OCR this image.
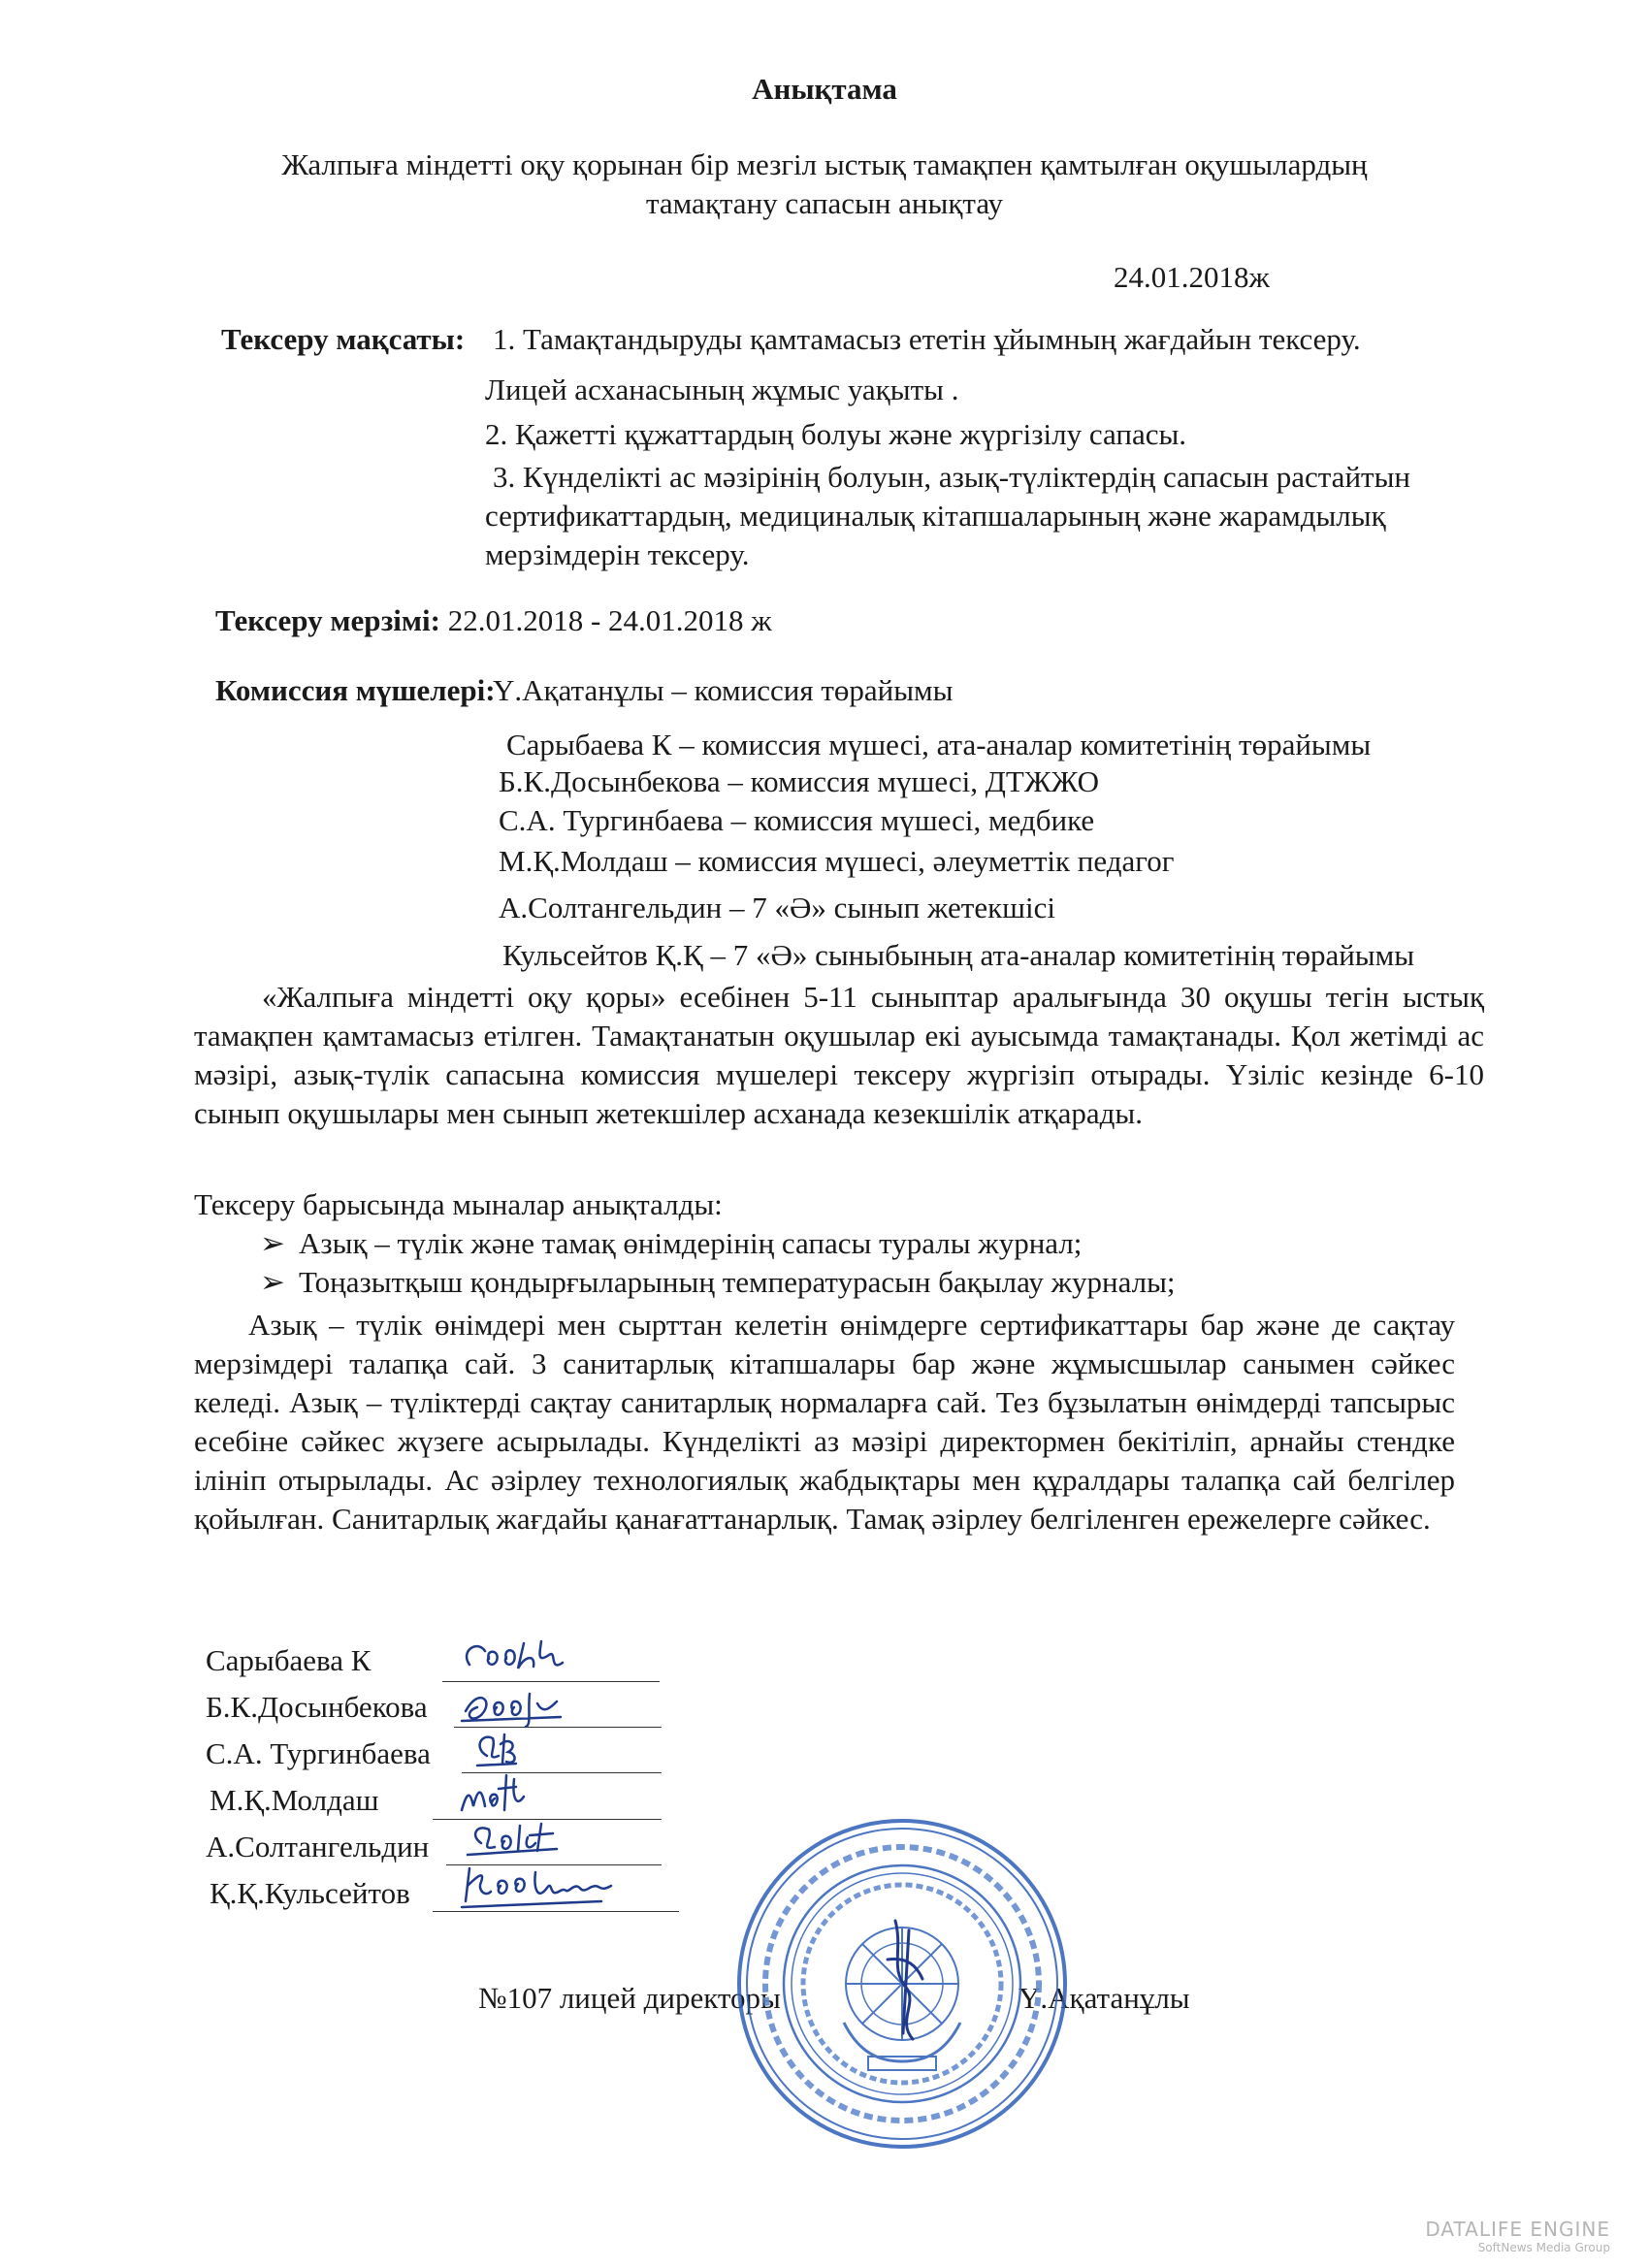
Анықтама
Жалпыға міндетті оқу қорынан бір мезгіл ыстық тамақпен қамтылған оқушылардың
тамақтану сапасын анықтау
24.01.2018ж
Тексеру мақсаты: 1. Тамақтандыруды қамтамасыз ететін ұйымның жағдайын тексеру.
Лицей асханасының жұмыс уақыты .
2. Қажетті құжаттардың болуы және жүргізілу сапасы.
3. Күнделікті ас мәзірінің болуын, азық-түліктердің сапасын растайтын
сертификаттардың, медициналық кітапшаларының және жарамдылық
мерзімдерін тексеру.
Тексеру мерзімі: 22.01.2018 - 24.01.2018 ж
Комиссия мүшелері:
Ү.Ақатанұлы – комиссия төрайымы
Сарыбаева К – комиссия мүшесі, ата-аналар комитетінің төрайымы
Б.К.Досынбекова – комиссия мүшесі, ДТЖЖО
С.А. Тургинбаева – комиссия мүшесі, медбике
М.Қ.Молдаш – комиссия мүшесі, әлеуметтік педагог
А.Солтангельдин – 7 «Ә» сынып жетекшісі
Кульсейтов Қ.Қ – 7 «Ә» сыныбының ата-аналар комитетінің төрайымы
«Жалпыға міндетті оқу қоры» есебінен 5-11 сыныптар аралығында 30 оқушы тегін ыстық тамақпен қамтамасыз етілген. Тамақтанатын оқушылар екі ауысымда тамақтанады. Қол жетімді ас мәзірі, азық-түлік сапасына комиссия мүшелері тексеру жүргізіп отырады. Үзіліс кезінде 6-10 сынып оқушылары мен сынып жетекшілер асханада кезекшілік атқарады.
Тексеру барысында мыналар анықталды:
➢ Азық – түлік және тамақ өнімдерінің сапасы туралы журнал;
➢ Тоңазытқыш қондырғыларының температурасын бақылау журналы;
Азық – түлік өнімдері мен сырттан келетін өнімдерге сертификаттары бар және де сақтау мерзімдері талапқа сай. 3 санитарлық кітапшалары бар және жұмысшылар санымен сәйкес келеді. Азық – түліктерді сақтау санитарлық нормаларға сай. Тез бұзылатын өнімдерді тапсырыс есебіне сәйкес жүзеге асырылады. Күнделікті аз мәзірі директормен бекітіліп, арнайы стендке ілініп отырылады. Ас әзірлеу технологиялық жабдықтары мен құралдары талапқа сай белгілер қойылған. Санитарлық жағдайы қанағаттанарлық. Тамақ әзірлеу белгіленген ережелерге сәйкес.
Сарыбаева К
Б.К.Досынбекова
С.А. Тургинбаева
М.Қ.Молдаш
А.Солтангельдин
Қ.Қ.Кульсейтов
№107 лицей директоры	Ү.Ақатанұлы
DATALIFE ENGINE
SoftNews Media Group
